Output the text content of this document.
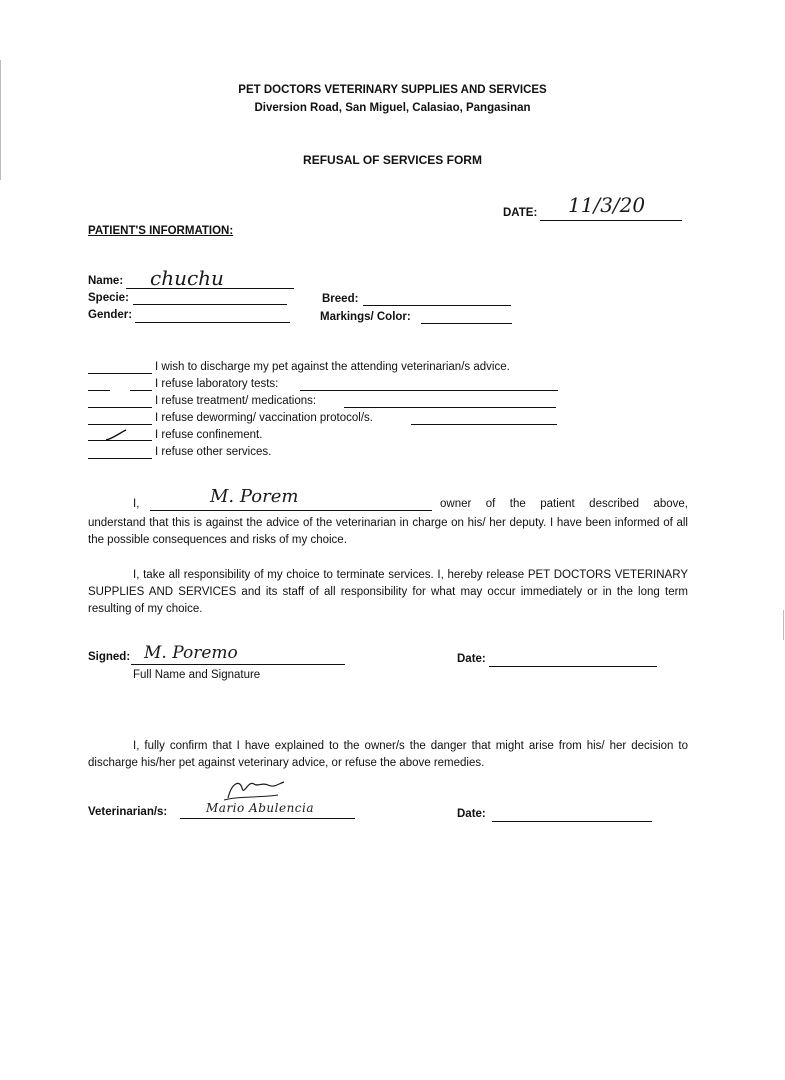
PET DOCTORS VETERINARY SUPPLIES AND SERVICES
Diversion Road, San Miguel, Calasiao, Pangasinan
REFUSAL OF SERVICES FORM
DATE: 11/3/20
PATIENT'S INFORMATION:
Name: chuchu
Specie:	Breed:
Gender:	Markings/ Color:
I wish to discharge my pet against the attending veterinarian/s advice.
I refuse laboratory tests:
I refuse treatment/ medications:
I refuse deworming/ vaccination protocol/s.
I refuse confinement.
I refuse other services.
I,	M. Porem	owner of the patient described above,
understand that this is against the advice of the veterinarian in charge on his/ her deputy. I have been informed of all the possible consequences and risks of my choice.
I, take all responsibility of my choice to terminate services. I, hereby release PET DOCTORS VETERINARY SUPPLIES AND SERVICES and its staff of all responsibility for what may occur immediately or in the long term resulting of my choice.
Signed: M. Poremo
Full Name and Signature
Date:
I, fully confirm that I have explained to the owner/s the danger that might arise from his/ her decision to discharge his/her pet against veterinary advice, or refuse the above remedies.
Veterinarian/s:	Mario Abulencia	Date:
